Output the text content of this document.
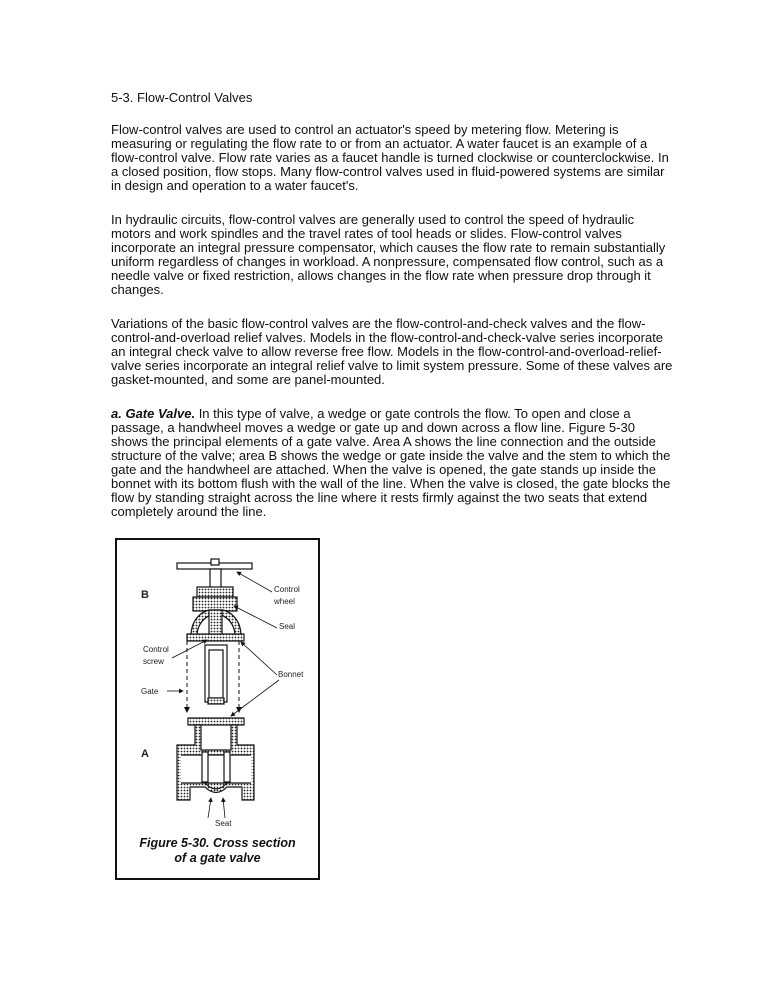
5-3. Flow-Control Valves
Flow-control valves are used to control an actuator's speed by metering flow. Metering is
measuring or regulating the flow rate to or from an actuator. A water faucet is an example of a
flow-control valve. Flow rate varies as a faucet handle is turned clockwise or counterclockwise. In
a closed position, flow stops. Many flow-control valves used in fluid-powered systems are similar
in design and operation to a water faucet's.
In hydraulic circuits, flow-control valves are generally used to control the speed of hydraulic
motors and work spindles and the travel rates of tool heads or slides. Flow-control valves
incorporate an integral pressure compensator, which causes the flow rate to remain substantially
uniform regardless of changes in workload. A nonpressure, compensated flow control, such as a
needle valve or fixed restriction, allows changes in the flow rate when pressure drop through it
changes.
Variations of the basic flow-control valves are the flow-control-and-check valves and the flow-
control-and-overload relief valves. Models in the flow-control-and-check-valve series incorporate
an integral check valve to allow reverse free flow. Models in the flow-control-and-overload-relief-
valve series incorporate an integral relief valve to limit system pressure. Some of these valves are
gasket-mounted, and some are panel-mounted.
a. Gate Valve. In this type of valve, a wedge or gate controls the flow. To open and close a
passage, a handwheel moves a wedge or gate up and down across a flow line. Figure 5-30
shows the principal elements of a gate valve. Area A shows the line connection and the outside
structure of the valve; area B shows the wedge or gate inside the valve and the stem to which the
gate and the handwheel are attached. When the valve is opened, the gate stands up inside the
bonnet with its bottom flush with the wall of the line. When the valve is closed, the gate blocks the
flow by standing straight across the line where it rests firmly against the two seats that extend
completely around the line.
B
A
Control
wheel
Seal
Control
screw
Bonnet
Gate
Seat
Figure 5-30. Cross section
of a gate valve
